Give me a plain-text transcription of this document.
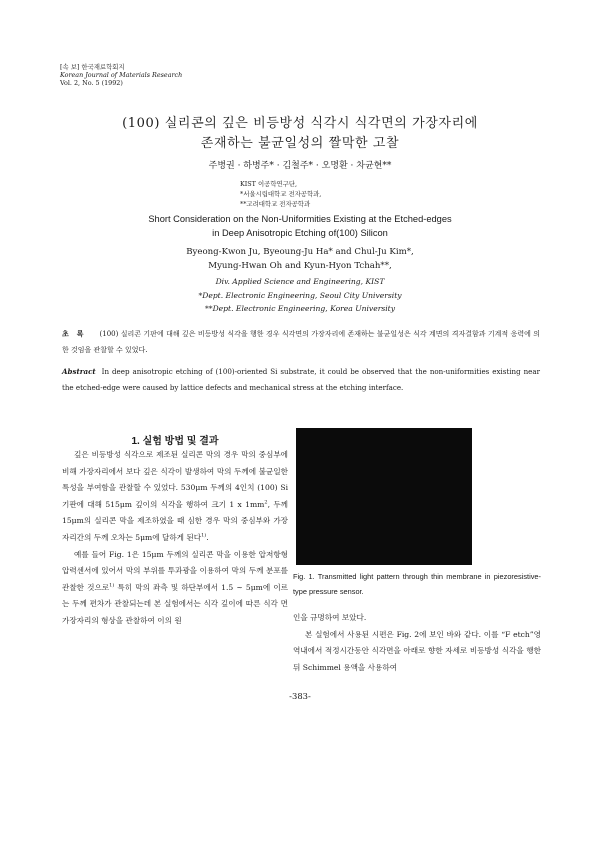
[속 보] 한국재료학회지
Korean Journal of Materials Research
Vol. 2, No. 5 (1992)
(100) 실리콘의 깊은 비등방성 식각시 식각면의 가장자리에
존재하는 불균일성의 짤막한 고찰
주병권 · 하병주* · 김철주* · 오명환 · 차균현**
KIST 이공학연구단,
*서울시립대학교 전자공학과,
**고려대학교 전자공학과
Short Consideration on the Non-Uniformities Existing at the Etched-edges
in Deep Anisotropic Etching of(100) Silicon
Byeong-Kwon Ju, Byeoung-Ju Ha* and Chul-Ju Kim*,
Myung-Hwan Oh and Kyun-Hyon Tchah**,
Div. Applied Science and Engineering, KIST
*Dept. Electronic Engineering, Seoul City University
**Dept. Electronic Engineering, Korea University
초록 (100) 실리콘 기판에 대해 깊은 비등방성 식각을 행한 경우 식각면의 가장자리에 존재하는 불균일성은 식각 계면의 격자결함과 기계적 응력에 의한 것임을 관찰할 수 있었다.
Abstract In deep anisotropic etching of (100)-oriented Si substrate, it could be observed that the non-uniformities existing near the etched-edge were caused by lattice defects and mechanical stress at the etching interface.
1. 실험 방법 및 결과

깊은 비등방성 식각으로 제조된 실리콘 막의 경우 막의 중심부에 비해 가장자리에서 보다 깊은 식각이 발생하여 막의 두께에 불균일한 특성을 부여함을 관찰할 수 있었다. 530μm 두께의 4인치 (100) Si 기판에 대해 515μm 깊이의 식각을 행하여 크기 1 x $1mm^2$, 두께 15μm의 실리콘 막을 제조하였을 때 심한 경우 막의 중심부와 가장자리간의 두께 오차는 5μm에 달하게 된다$^{1)}$.

예를 들어 Fig. 1은 15μm 두께의 실리콘 막을 이용한 압저항형 압력센서에 있어서 막의 부위를 투과광을 이용하여 막의 두께 분포를 관찰한 것으로$^{1)}$ 특히 막의 좌측 및 하단부에서 1.5 ~ 5μm에 이르는 두께 편차가 관찰되는데 본 실험에서는 식각 깊이에 따른 식각 면 가장자리의 형상을 관찰하여 이의 원

Fig. 1. Transmitted light pattern through thin membrane in piezoresistive-type pressure sensor.

인을 규명하여 보았다.

본 실험에서 사용된 시편은 Fig. 2에 보인 바와 같다. 이를 “F etch”영역내에서 적정시간동안 식각면을 아래로 향한 자세로 비등방성 식각을 행한뒤 Schimmel 용액을 사용하여

-383-
